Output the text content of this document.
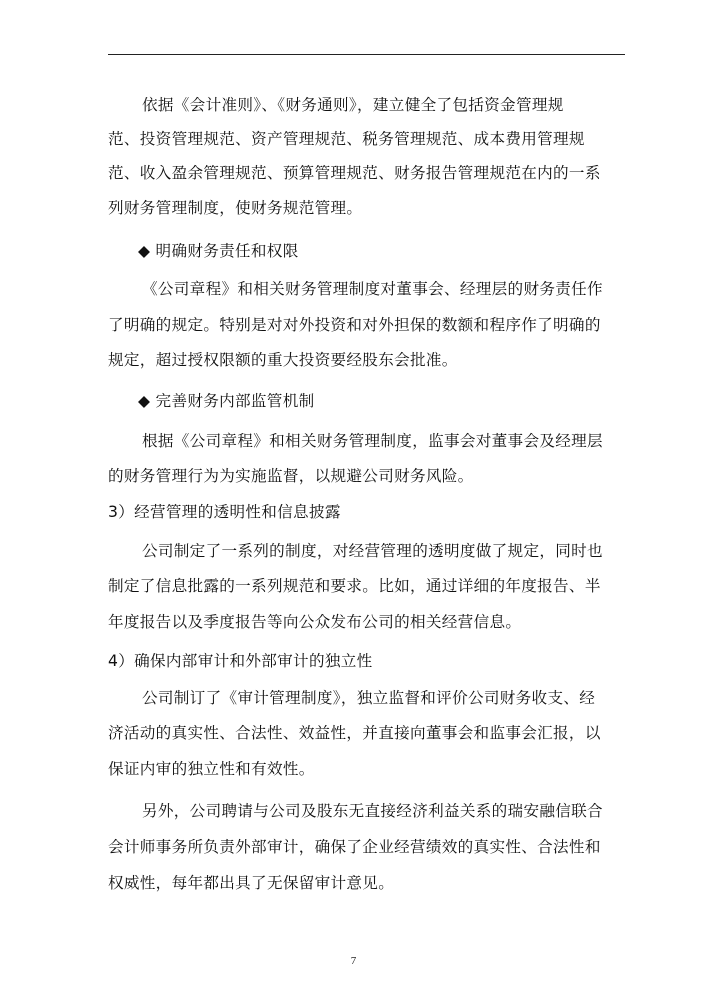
依据《会计准则》、《财务通则》，建立健全了包括资金管理规
范、投资管理规范、资产管理规范、税务管理规范、成本费用管理规
范、收入盈余管理规范、预算管理规范、财务报告管理规范在内的一系
列财务管理制度，使财务规范管理。
◆ 明确财务责任和权限
《公司章程》和相关财务管理制度对董事会、经理层的财务责任作
了明确的规定。特别是对对外投资和对外担保的数额和程序作了明确的
规定，超过授权限额的重大投资要经股东会批准。
◆ 完善财务内部监管机制
根据《公司章程》和相关财务管理制度，监事会对董事会及经理层
的财务管理行为为实施监督，以规避公司财务风险。
3）经营管理的透明性和信息披露
公司制定了一系列的制度，对经营管理的透明度做了规定，同时也
制定了信息批露的一系列规范和要求。比如，通过详细的年度报告、半
年度报告以及季度报告等向公众发布公司的相关经营信息。
4）确保内部审计和外部审计的独立性
公司制订了《审计管理制度》，独立监督和评价公司财务收支、经
济活动的真实性、合法性、效益性，并直接向董事会和监事会汇报，以
保证内审的独立性和有效性。
另外，公司聘请与公司及股东无直接经济利益关系的瑞安融信联合
会计师事务所负责外部审计，确保了企业经营绩效的真实性、合法性和
权威性，每年都出具了无保留审计意见。
7
